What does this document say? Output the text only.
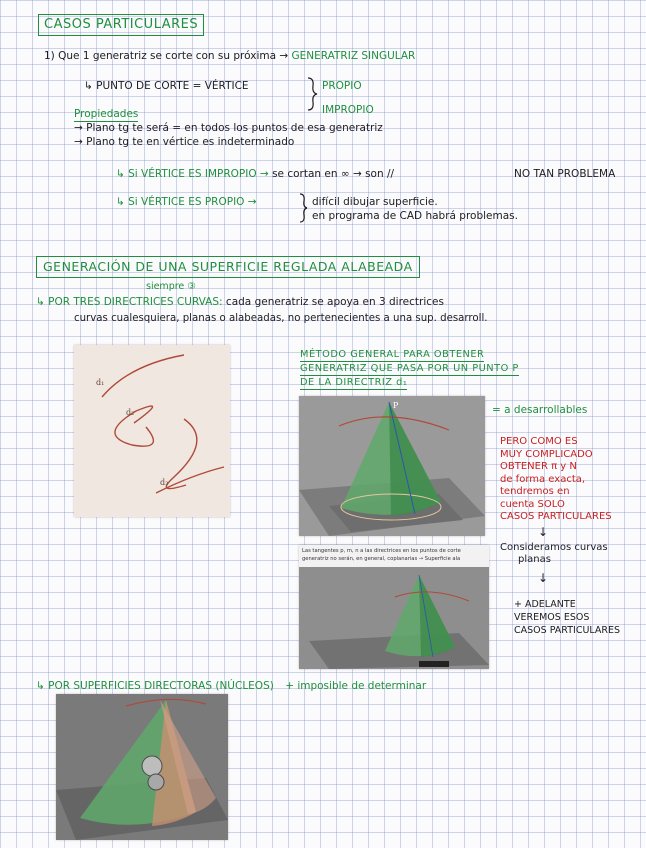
CASOS PARTICULARES
1) Que 1 generatriz se corte con su próxima → GENERATRIZ SINGULAR
↳ PUNTO DE CORTE = VÉRTICE	PROPIO
IMPROPIO
Propiedades
→ Plano tg te será = en todos los puntos de esa generatriz
→ Plano tg te en vértice es indeterminado
↳ Si VÉRTICE ES IMPROPIO → se cortan en ∞ → son //	NO TAN PROBLEMA
↳ Si VÉRTICE ES PROPIO →	difícil dibujar superficie.
en programa de CAD habrá problemas.
GENERACIÓN DE UNA SUPERFICIE REGLADA ALABEADA
siempre ③
↳ POR TRES DIRECTRICES CURVAS: cada generatriz se apoya en 3 directrices
curvas cualesquiera, planas o alabeadas, no pertenecientes a una sup. desarroll.
d₁
d₂
d₃
MÉTODO GENERAL PARA OBTENER
GENERATRIZ QUE PASA POR UN PUNTO P
DE LA DIRECTRIZ d₁
P	= a desarrollables
PERO COMO ES
MUY COMPLICADO
OBTENER π y N
de forma exacta,
tendremos en
cuenta SOLO
CASOS PARTICULARES
↓
Consideramos curvas
planas
↓
+ ADELANTE
VEREMOS ESOS
CASOS PARTICULARES
Las tangentes p, m, n a las directrices en los puntos de corte
generatriz no serán, en general, coplanarias → Superficie ala
↳ POR SUPERFICIES DIRECTORAS (NÚCLEOS) + imposible de determinar
